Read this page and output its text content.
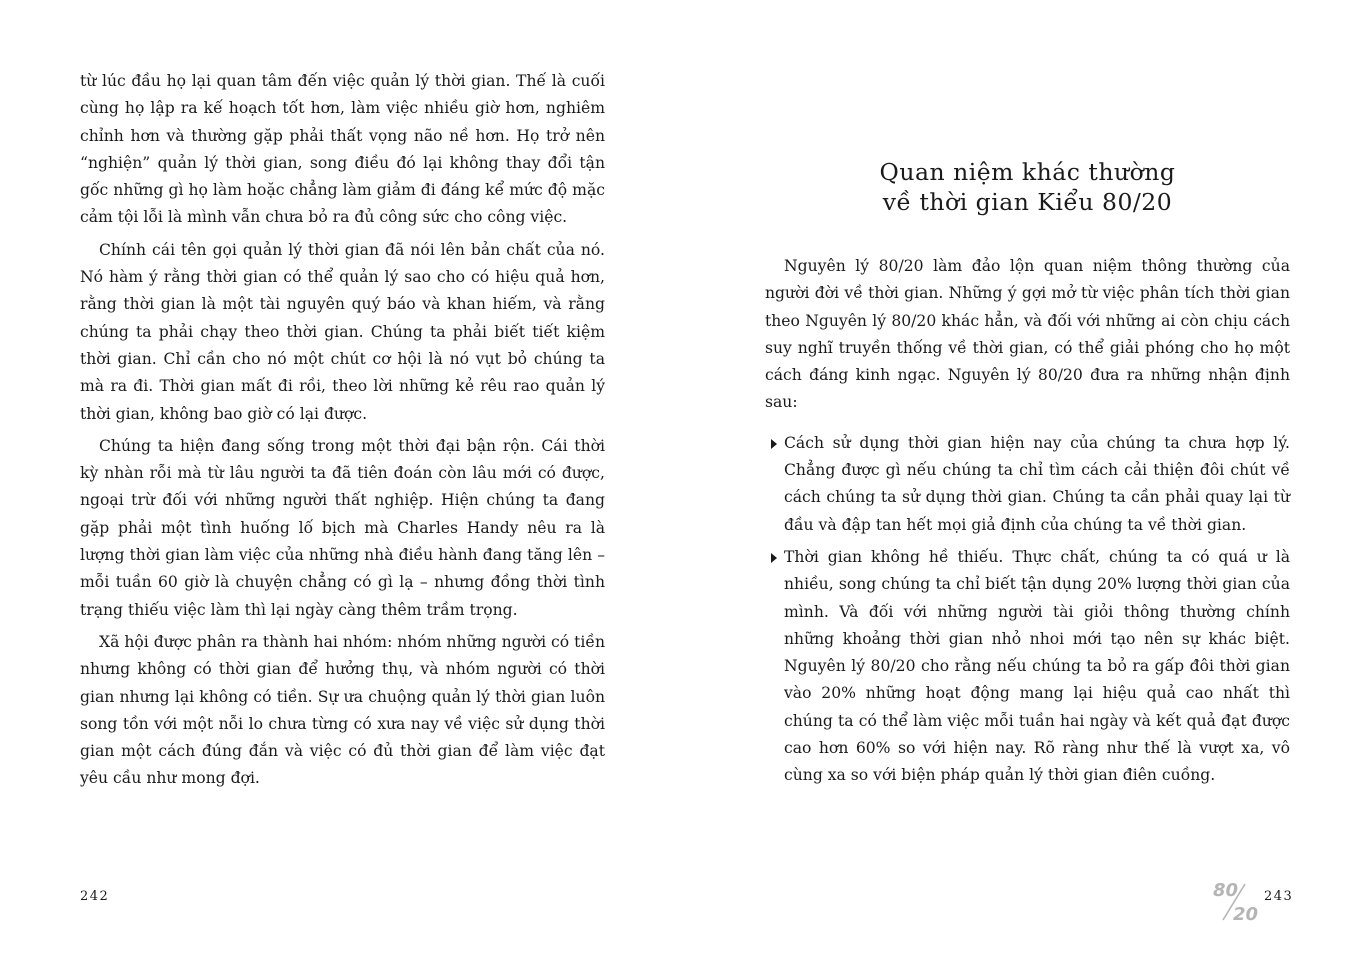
từ lúc đầu họ lại quan tâm đến việc quản lý thời gian. Thế là cuối cùng họ lập ra kế hoạch tốt hơn, làm việc nhiều giờ hơn, nghiêm chỉnh hơn và thường gặp phải thất vọng não nề hơn. Họ trở nên “nghiện” quản lý thời gian, song điều đó lại không thay đổi tận gốc những gì họ làm hoặc chẳng làm giảm đi đáng kể mức độ mặc cảm tội lỗi là mình vẫn chưa bỏ ra đủ công sức cho công việc.

Chính cái tên gọi quản lý thời gian đã nói lên bản chất của nó. Nó hàm ý rằng thời gian có thể quản lý sao cho có hiệu quả hơn, rằng thời gian là một tài nguyên quý báo và khan hiếm, và rằng chúng ta phải chạy theo thời gian. Chúng ta phải biết tiết kiệm thời gian. Chỉ cần cho nó một chút cơ hội là nó vụt bỏ chúng ta mà ra đi. Thời gian mất đi rồi, theo lời những kẻ rêu rao quản lý thời gian, không bao giờ có lại được.

Chúng ta hiện đang sống trong một thời đại bận rộn. Cái thời kỳ nhàn rỗi mà từ lâu người ta đã tiên đoán còn lâu mới có được, ngoại trừ đối với những người thất nghiệp. Hiện chúng ta đang gặp phải một tình huống lố bịch mà Charles Handy nêu ra là lượng thời gian làm việc của những nhà điều hành đang tăng lên – mỗi tuần 60 giờ là chuyện chẳng có gì lạ – nhưng đồng thời tình trạng thiếu việc làm thì lại ngày càng thêm trầm trọng.

Xã hội được phân ra thành hai nhóm: nhóm những người có tiền nhưng không có thời gian để hưởng thụ, và nhóm người có thời gian nhưng lại không có tiền. Sự ưa chuộng quản lý thời gian luôn song tồn với một nỗi lo chưa từng có xưa nay về việc sử dụng thời gian một cách đúng đắn và việc có đủ thời gian để làm việc đạt yêu cầu như mong đợi.

242
Quan niệm khác thường
về thời gian Kiểu 80/20

Nguyên lý 80/20 làm đảo lộn quan niệm thông thường của người đời về thời gian. Những ý gợi mở từ việc phân tích thời gian theo Nguyên lý 80/20 khác hẳn, và đối với những ai còn chịu cách suy nghĩ truyền thống về thời gian, có thể giải phóng cho họ một cách đáng kinh ngạc. Nguyên lý 80/20 đưa ra những nhận định sau:

Cách sử dụng thời gian hiện nay của chúng ta chưa hợp lý. Chẳng được gì nếu chúng ta chỉ tìm cách cải thiện đôi chút về cách chúng ta sử dụng thời gian. Chúng ta cần phải quay lại từ đầu và đập tan hết mọi giả định của chúng ta về thời gian.
Thời gian không hề thiếu. Thực chất, chúng ta có quá ư là nhiều, song chúng ta chỉ biết tận dụng 20% lượng thời gian của mình. Và đối với những người tài giỏi thông thường chính những khoảng thời gian nhỏ nhoi mới tạo nên sự khác biệt. Nguyên lý 80/20 cho rằng nếu chúng ta bỏ ra gấp đôi thời gian vào 20% những hoạt động mang lại hiệu quả cao nhất thì chúng ta có thể làm việc mỗi tuần hai ngày và kết quả đạt được cao hơn 60% so với hiện nay. Rõ ràng như thế là vượt xa, vô cùng xa so với biện pháp quản lý thời gian điên cuồng.
80
20
243
